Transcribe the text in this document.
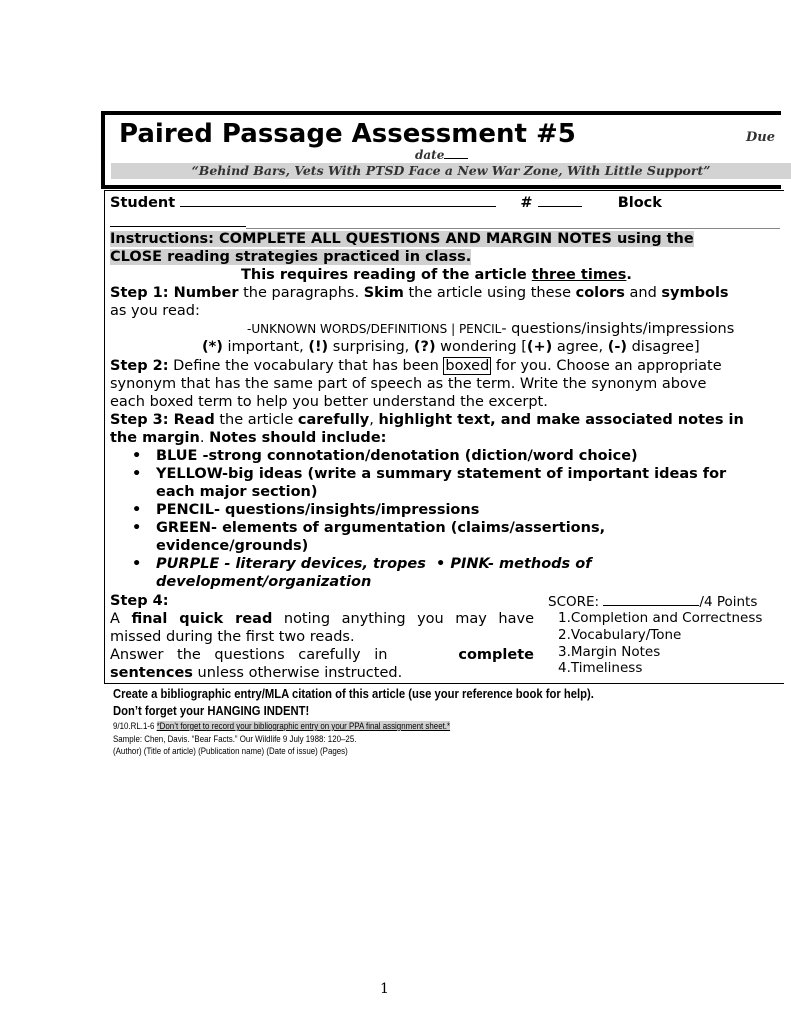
Paired Passage Assessment #5	Due
date
“Behind Bars, Vets With PTSD Face a New War Zone, With Little Support”
Student	#	Block
Instructions: COMPLETE ALL QUESTIONS AND MARGIN NOTES using the
CLOSE reading strategies practiced in class.
This requires reading of the article three times.
Step 1: Number the paragraphs. Skim the article using these colors and symbols
as you read:
-UNKNOWN WORDS/DEFINITIONS | PENCIL- questions/insights/impressions
(*) important, (!) surprising, (?) wondering [(+) agree, (-) disagree]
Step 2: Define the vocabulary that has been boxed for you. Choose an appropriate
synonym that has the same part of speech as the term. Write the synonym above
each boxed term to help you better understand the excerpt.
Step 3: Read the article carefully, highlight text, and make associated notes in
the margin. Notes should include:
• BLUE -strong connotation/denotation (diction/word choice)
• YELLOW-big ideas (write a summary statement of important ideas for
each major section)
• PENCIL- questions/insights/impressions
• GREEN- elements of argumentation (claims/assertions,
evidence/grounds)
• PURPLE - literary devices, tropes • PINK- methods of
development/organization
Step 4:
A final quick read noting anything you may have
missed during the first two reads.
Answer the questions carefully in	complete
sentences unless otherwise instructed.
SCORE:	/4 Points
1.Completion and Correctness
2.Vocabulary/Tone
3.Margin Notes
4.Timeliness
Create a bibliographic entry/MLA citation of this article (use your reference book for help).
Don’t forget your HANGING INDENT!
9/10.RL.1-6 *Don’t forget to record your bibliographic entry on your PPA final assignment sheet.*
Sample: Chen, Davis. “Bear Facts.” Our Wildlife 9 July 1988: 120–25.
(Author) (Title of article) (Publication name) (Date of issue) (Pages)
1
